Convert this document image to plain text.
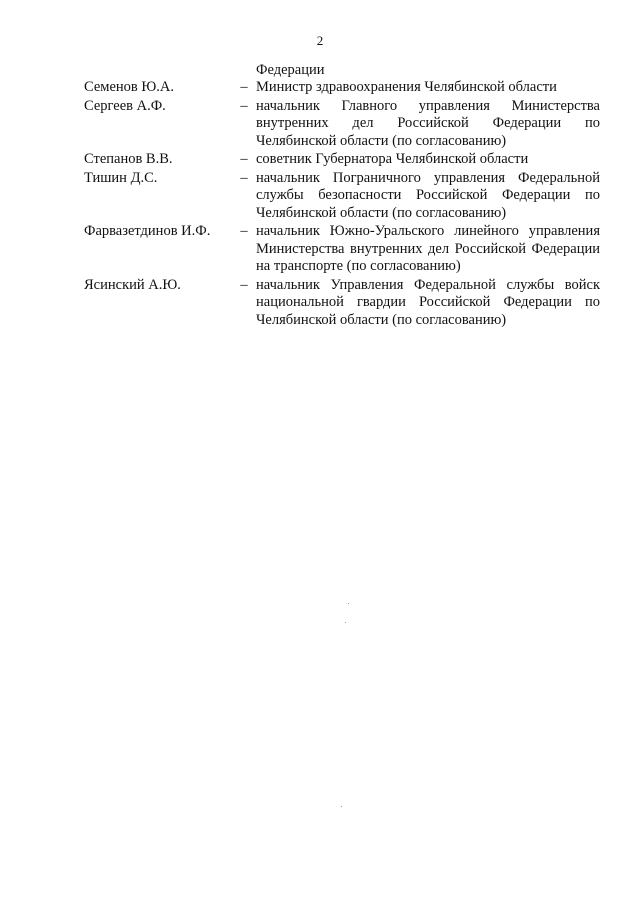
2
Федерации
Семенов Ю.А.	– Министр здравоохранения Челябинской области
Сергеев А.Ф.	– начальник Главного управления Министерства внутренних дел Российской Федерации по Челябинской области (по согласованию)
Степанов В.В.	– советник Губернатора Челябинской области
Тишин Д.С.	– начальник Пограничного управления Федеральной службы безопасности Российской Федерации по Челябинской области (по согласованию)
Фарвазетдинов И.Ф.	– начальник Южно-Уральского линейного управления Министерства внутренних дел Российской Федерации на транспорте (по согласованию)
Ясинский А.Ю.	– начальник Управления Федеральной службы войск национальной гвардии Российской Федерации по Челябинской области (по согласованию)
